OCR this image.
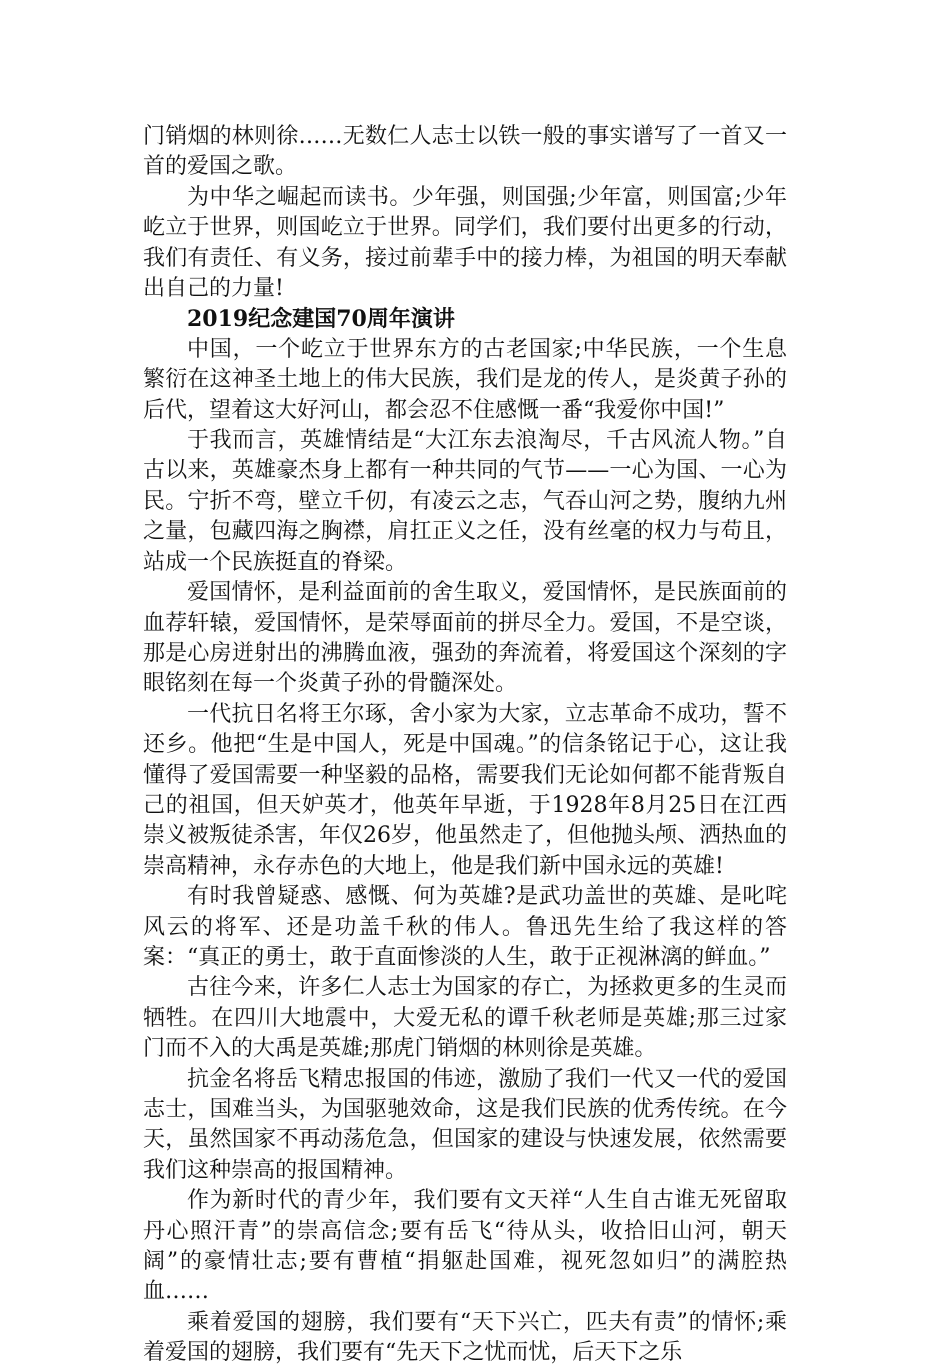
门销烟的林则徐……无数仁人志士以铁一般的事实谱写了一首又一首的爱国之歌。

为中华之崛起而读书。少年强，则国强;少年富，则国富;少年屹立于世界，则国屹立于世界。同学们，我们要付出更多的行动，我们有责任、有义务，接过前辈手中的接力棒，为祖国的明天奉献出自己的力量!

2019纪念建国70周年演讲

中国，一个屹立于世界东方的古老国家;中华民族，一个生息繁衍在这神圣土地上的伟大民族，我们是龙的传人，是炎黄子孙的后代，望着这大好河山，都会忍不住感慨一番“我爱你中国!”

于我而言，英雄情结是“大江东去浪淘尽，千古风流人物。”自古以来，英雄豪杰身上都有一种共同的气节——一心为国、一心为民。宁折不弯，壁立千仞，有凌云之志，气吞山河之势，腹纳九州之量，包藏四海之胸襟，肩扛正义之任，没有丝毫的权力与苟且，站成一个民族挺直的脊梁。

爱国情怀，是利益面前的舍生取义，爱国情怀，是民族面前的血荐轩辕，爱国情怀，是荣辱面前的拼尽全力。爱国，不是空谈，那是心房迸射出的沸腾血液，强劲的奔流着，将爱国这个深刻的字眼铭刻在每一个炎黄子孙的骨髓深处。

一代抗日名将王尔琢，舍小家为大家，立志革命不成功，誓不还乡。他把“生是中国人，死是中国魂。”的信条铭记于心，这让我懂得了爱国需要一种坚毅的品格，需要我们无论如何都不能背叛自己的祖国，但天妒英才，他英年早逝，于1928年8月25日在江西崇义被叛徒杀害，年仅26岁，他虽然走了，但他抛头颅、洒热血的崇高精神，永存赤色的大地上，他是我们新中国永远的英雄!

有时我曾疑惑、感慨、何为英雄?是武功盖世的英雄、是叱咤风云的将军、还是功盖千秋的伟人。鲁迅先生给了我这样的答案：“真正的勇士，敢于直面惨淡的人生，敢于正视淋漓的鲜血。”

古往今来，许多仁人志士为国家的存亡，为拯救更多的生灵而牺牲。在四川大地震中，大爱无私的谭千秋老师是英雄;那三过家门而不入的大禹是英雄;那虎门销烟的林则徐是英雄。

抗金名将岳飞精忠报国的伟迹，激励了我们一代又一代的爱国志士，国难当头，为国驱驰效命，这是我们民族的优秀传统。在今天，虽然国家不再动荡危急，但国家的建设与快速发展，依然需要我们这种崇高的报国精神。

作为新时代的青少年，我们要有文天祥“人生自古谁无死留取丹心照汗青”的崇高信念;要有岳飞“待从头，收拾旧山河，朝天阔”的豪情壮志;要有曹植“捐躯赴国难，视死忽如归”的满腔热血……

乘着爱国的翅膀，我们要有“天下兴亡，匹夫有责”的情怀;乘着爱国的翅膀，我们要有“先天下之忧而忧，后天下之乐
